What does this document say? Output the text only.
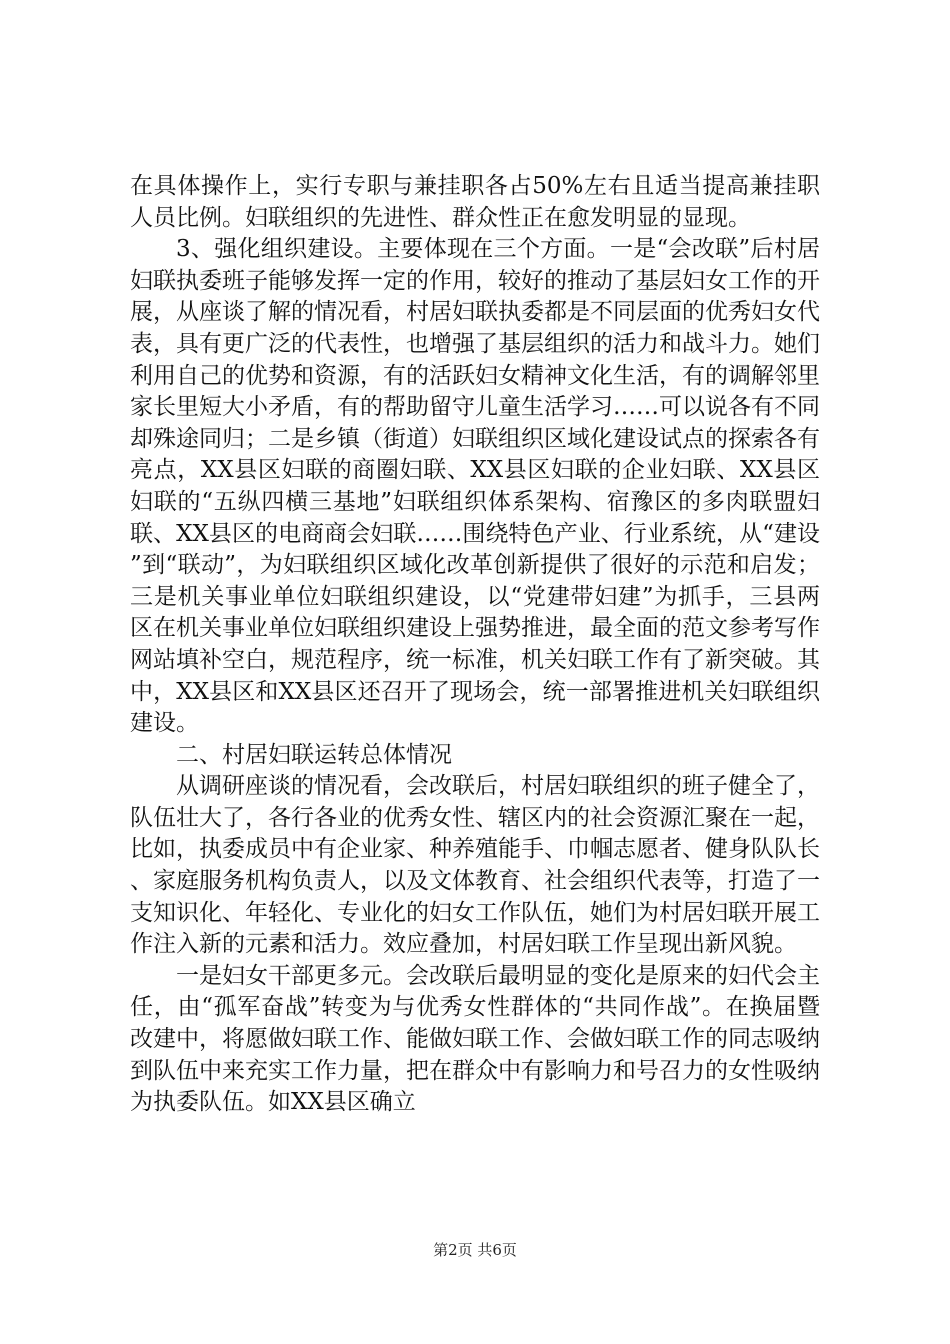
在具体操作上，实行专职与兼挂职各占50%左右且适当提高兼挂职人员比例。妇联组织的先进性、群众性正在愈发明显的显现。

3、强化组织建设。主要体现在三个方面。一是“会改联”后村居妇联执委班子能够发挥一定的作用，较好的推动了基层妇女工作的开展，从座谈了解的情况看，村居妇联执委都是不同层面的优秀妇女代表，具有更广泛的代表性，也增强了基层组织的活力和战斗力。她们利用自己的优势和资源，有的活跃妇女精神文化生活，有的调解邻里家长里短大小矛盾，有的帮助留守儿童生活学习……可以说各有不同却殊途同归；二是乡镇（街道）妇联组织区域化建设试点的探索各有亮点，XX县区妇联的商圈妇联、XX县区妇联的企业妇联、XX县区妇联的“五纵四横三基地”妇联组织体系架构、宿豫区的多肉联盟妇联、XX县区的电商商会妇联……围绕特色产业、行业系统，从“建设”到“联动”，为妇联组织区域化改革创新提供了很好的示范和启发；三是机关事业单位妇联组织建设，以“党建带妇建”为抓手，三县两区在机关事业单位妇联组织建设上强势推进，最全面的范文参考写作网站填补空白，规范程序，统一标准，机关妇联工作有了新突破。其中，XX县区和XX县区还召开了现场会，统一部署推进机关妇联组织建设。

二、村居妇联运转总体情况

从调研座谈的情况看，会改联后，村居妇联组织的班子健全了，队伍壮大了，各行各业的优秀女性、辖区内的社会资源汇聚在一起，比如，执委成员中有企业家、种养殖能手、巾帼志愿者、健身队队长、家庭服务机构负责人，以及文体教育、社会组织代表等，打造了一支知识化、年轻化、专业化的妇女工作队伍，她们为村居妇联开展工作注入新的元素和活力。效应叠加，村居妇联工作呈现出新风貌。

一是妇女干部更多元。会改联后最明显的变化是原来的妇代会主任，由“孤军奋战”转变为与优秀女性群体的“共同作战”。在换届暨改建中，将愿做妇联工作、能做妇联工作、会做妇联工作的同志吸纳到队伍中来充实工作力量，把在群众中有影响力和号召力的女性吸纳为执委队伍。如XX县区确立

第2页 共6页
